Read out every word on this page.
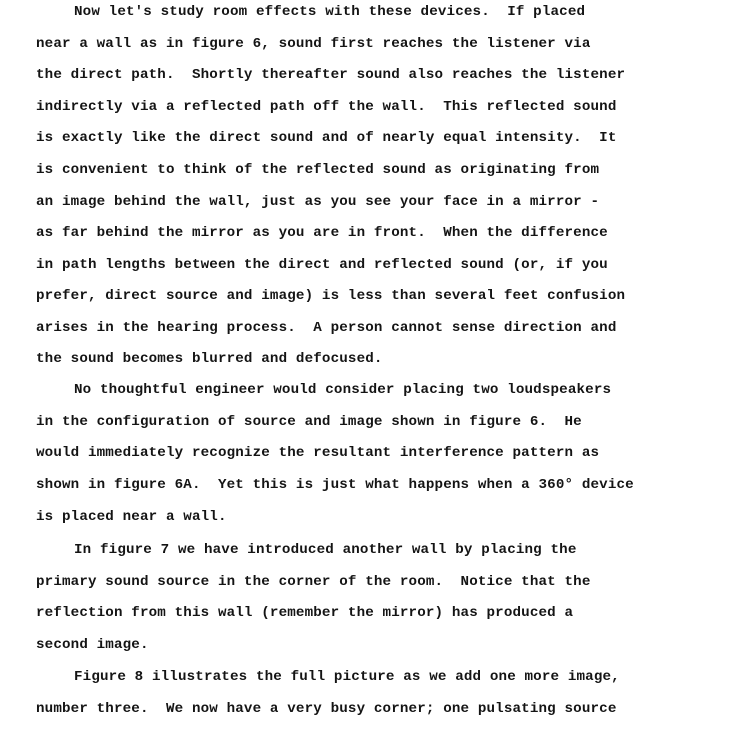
Now let's study room effects with these devices.  If placed
near a wall as in figure 6, sound first reaches the listener via
the direct path.  Shortly thereafter sound also reaches the listener
indirectly via a reflected path off the wall.  This reflected sound
is exactly like the direct sound and of nearly equal intensity.  It
is convenient to think of the reflected sound as originating from
an image behind the wall, just as you see your face in a mirror -
as far behind the mirror as you are in front.  When the difference
in path lengths between the direct and reflected sound (or, if you
prefer, direct source and image) is less than several feet confusion
arises in the hearing process.  A person cannot sense direction and
the sound becomes blurred and defocused.
No thoughtful engineer would consider placing two loudspeakers
in the configuration of source and image shown in figure 6.  He
would immediately recognize the resultant interference pattern as
shown in figure 6A.  Yet this is just what happens when a 360° device
is placed near a wall.
In figure 7 we have introduced another wall by placing the
primary sound source in the corner of the room.  Notice that the
reflection from this wall (remember the mirror) has produced a
second image.
Figure 8 illustrates the full picture as we add one more image,
number three.  We now have a very busy corner; one pulsating source
